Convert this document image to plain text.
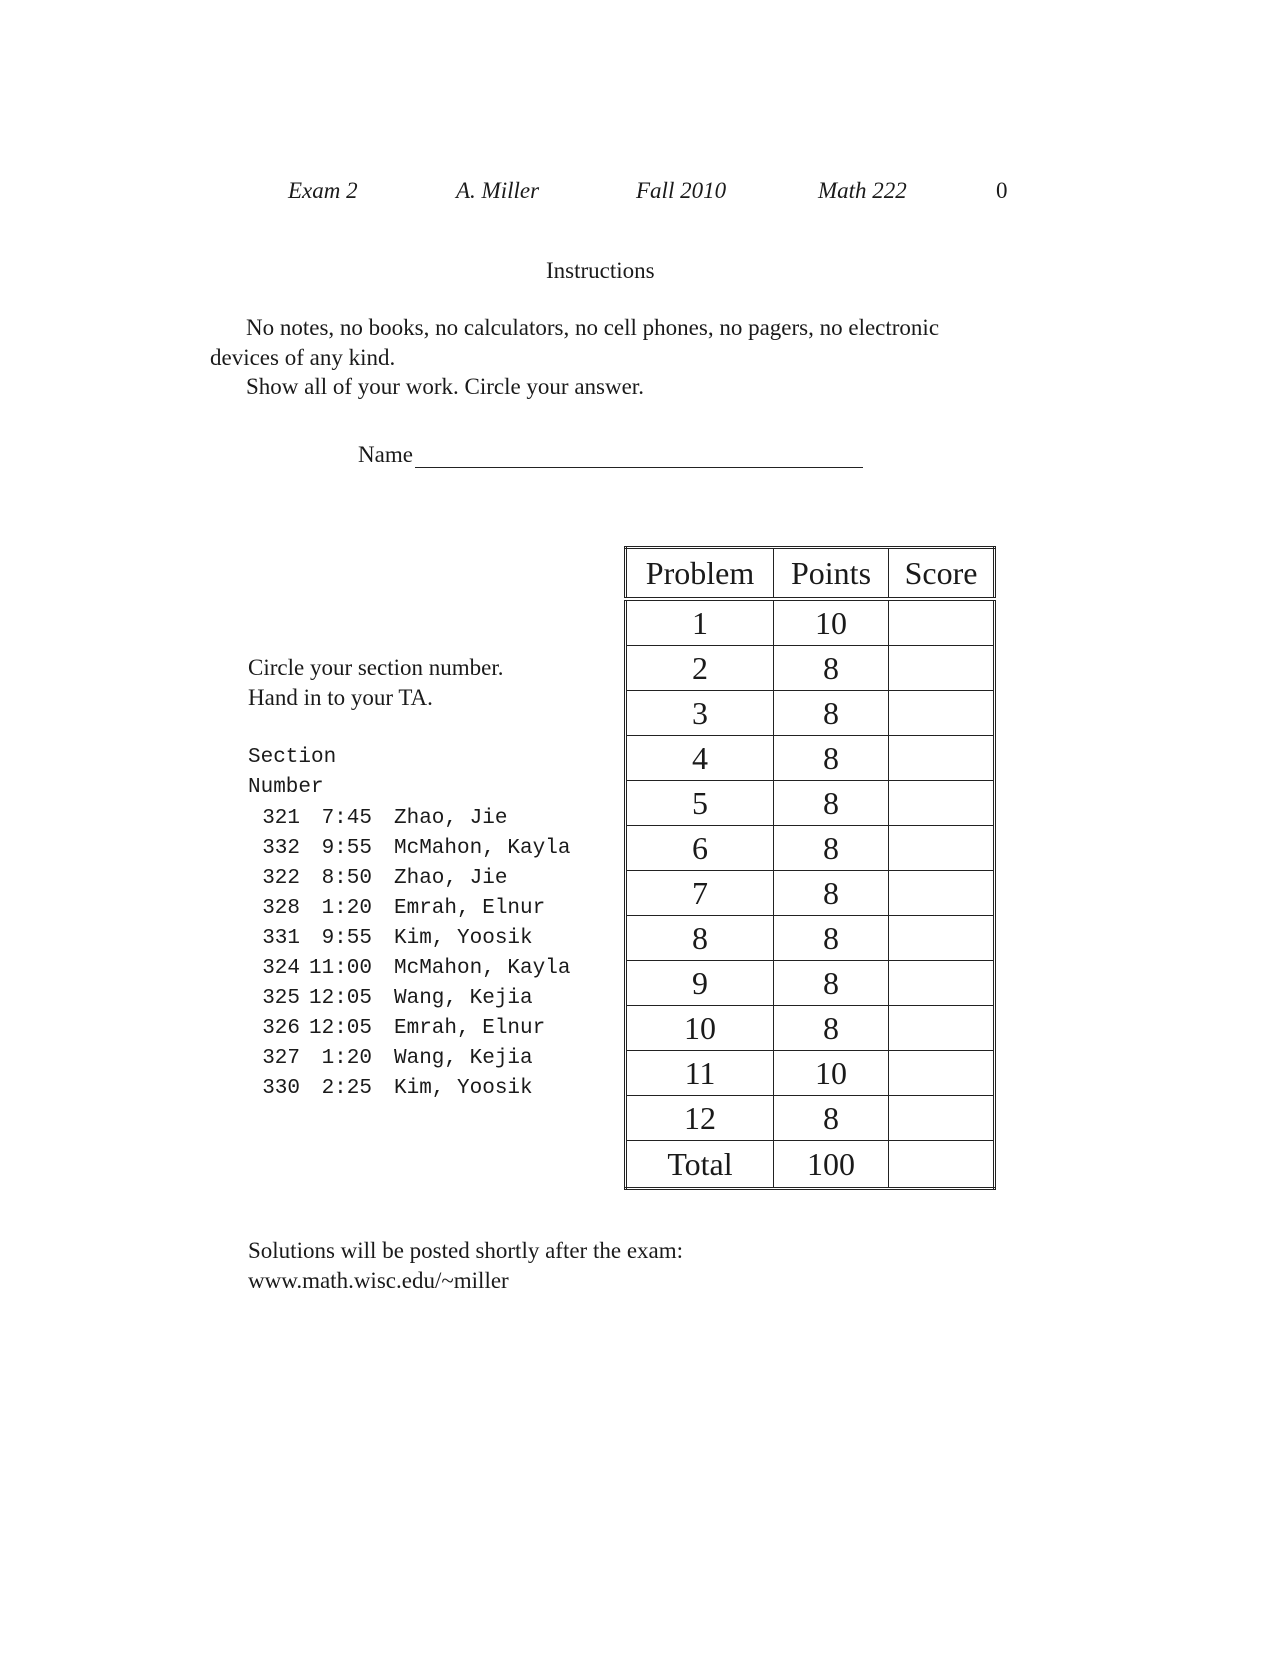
Exam 2	A. Miller	Fall 2010	Math 222	0
Instructions
No notes, no books, no calculators, no cell phones, no pagers, no electronic
devices of any kind.
Show all of your work. Circle your answer.
Name
Circle your section number.
Hand in to your TA.
Section
Number
321	7:45	Zhao, Jie
332	9:55	McMahon, Kayla
322	8:50	Zhao, Jie
328	1:20	Emrah, Elnur
331	9:55	Kim, Yoosik
324 11:00	McMahon, Kayla
325 12:05	Wang, Kejia
326 12:05	Emrah, Elnur
327	1:20	Wang, Kejia
330	2:25	Kim, Yoosik
Problem	Points	Score
1	10	
2	8	
3	8	
4	8	
5	8	
6	8	
7	8	
8	8	
9	8	
10	8	
11	10	
12	8	
Total	100	
Solutions will be posted shortly after the exam:
www.math.wisc.edu/~miller
